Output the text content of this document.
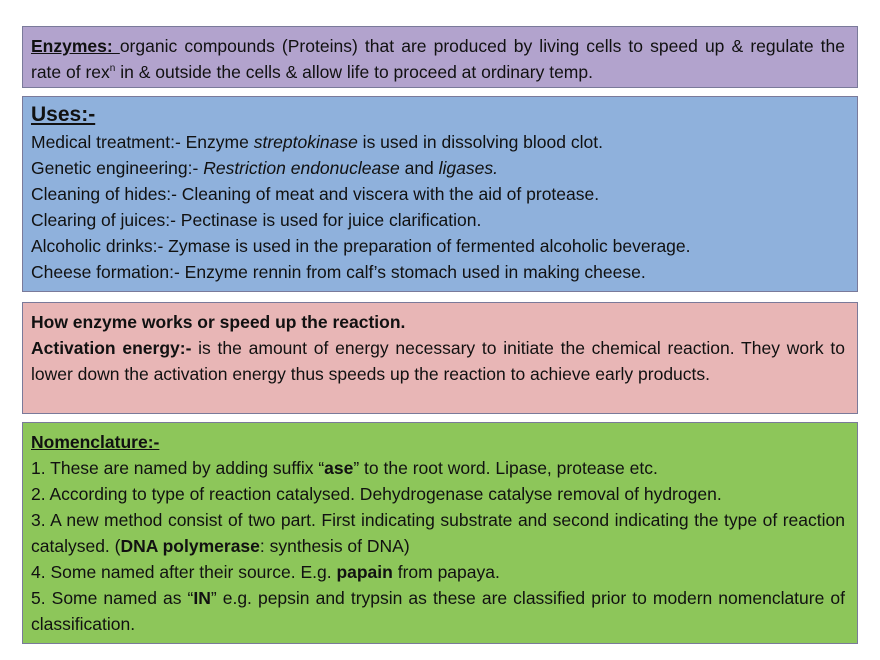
Enzymes: organic compounds (Proteins) that are produced by living cells to speed up & regulate the rate of rex$^n$ in & outside the cells & allow life to proceed at ordinary temp.
Uses:-
Medical treatment:- Enzyme streptokinase is used in dissolving blood clot.
Genetic engineering:- Restriction endonuclease and ligases.
Cleaning of hides:- Cleaning of meat and viscera with the aid of protease.
Clearing of juices:- Pectinase is used for juice clarification.
Alcoholic drinks:- Zymase is used in the preparation of fermented alcoholic beverage.
Cheese formation:- Enzyme rennin from calf’s stomach used in making cheese.
How enzyme works or speed up the reaction.
Activation energy:- is the amount of energy necessary to initiate the chemical reaction. They work to lower down the activation energy thus speeds up the reaction to achieve early products.
Nomenclature:-
1. These are named by adding suffix “ase” to the root word. Lipase, protease etc.
2. According to type of reaction catalysed. Dehydrogenase catalyse removal of hydrogen.
3. A new method consist of two part. First indicating substrate and second indicating the type of reaction catalysed. (DNA polymerase: synthesis of DNA)
4. Some named after their source. E.g. papain from papaya.
5. Some named as “IN” e.g. pepsin and trypsin as these are classified prior to modern nomenclature of classification.
